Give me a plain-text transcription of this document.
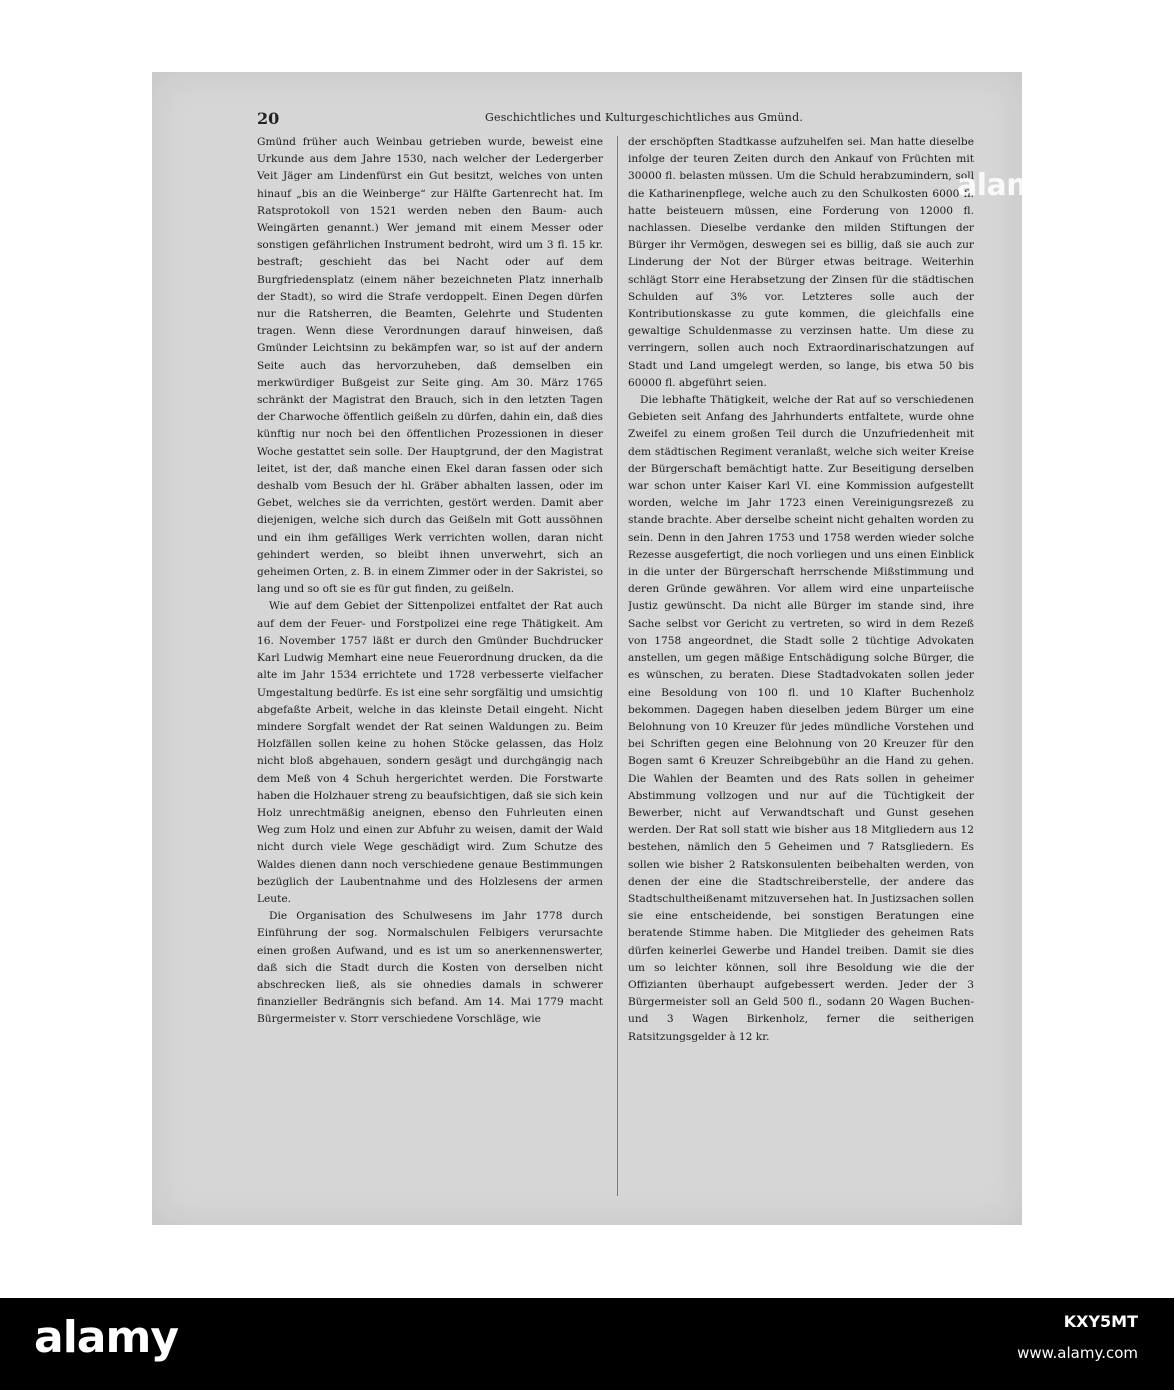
20	Geschichtliches und Kulturgeschichtliches aus Gmünd.

Gmünd früher auch Weinbau getrieben wurde, beweist eine Urkunde aus dem Jahre 1530, nach welcher der Ledergerber Veit Jäger am Lindenfürst ein Gut besitzt, welches von unten hinauf „bis an die Weinberge“ zur Hälfte Gartenrecht hat. Im Ratsprotokoll von 1521 werden neben den Baum- auch Weingärten genannt.) Wer jemand mit einem Messer oder sonstigen gefährlichen Instrument bedroht, wird um 3 fl. 15 kr. bestraft; geschieht das bei Nacht oder auf dem Burgfriedensplatz (einem näher bezeichneten Platz innerhalb der Stadt), so wird die Strafe verdoppelt. Einen Degen dürfen nur die Ratsherren, die Beamten, Gelehrte und Studenten tragen. Wenn diese Verordnungen darauf hinweisen, daß Gmünder Leichtsinn zu bekämpfen war, so ist auf der andern Seite auch das hervorzuheben, daß demselben ein merkwürdiger Bußgeist zur Seite ging. Am 30. März 1765 schränkt der Magistrat den Brauch, sich in den letzten Tagen der Charwoche öffentlich geißeln zu dürfen, dahin ein, daß dies künftig nur noch bei den öffentlichen Prozessionen in dieser Woche gestattet sein solle. Der Hauptgrund, der den Magistrat leitet, ist der, daß manche einen Ekel daran fassen oder sich deshalb vom Besuch der hl. Gräber abhalten lassen, oder im Gebet, welches sie da verrichten, gestört werden. Damit aber diejenigen, welche sich durch das Geißeln mit Gott aussöhnen und ein ihm gefälliges Werk verrichten wollen, daran nicht gehindert werden, so bleibt ihnen unverwehrt, sich an geheimen Orten, z. B. in einem Zimmer oder in der Sakristei, so lang und so oft sie es für gut finden, zu geißeln.

Wie auf dem Gebiet der Sittenpolizei entfaltet der Rat auch auf dem der Feuer- und Forstpolizei eine rege Thätigkeit. Am 16. November 1757 läßt er durch den Gmünder Buchdrucker Karl Ludwig Memhart eine neue Feuerordnung drucken, da die alte im Jahr 1534 errichtete und 1728 verbesserte vielfacher Umgestaltung bedürfe. Es ist eine sehr sorgfältig und umsichtig abgefaßte Arbeit, welche in das kleinste Detail eingeht. Nicht mindere Sorgfalt wendet der Rat seinen Waldungen zu. Beim Holzfällen sollen keine zu hohen Stöcke gelassen, das Holz nicht bloß abgehauen, sondern gesägt und durchgängig nach dem Meß von 4 Schuh hergerichtet werden. Die Forstwarte haben die Holzhauer streng zu beaufsichtigen, daß sie sich kein Holz unrechtmäßig aneignen, ebenso den Fuhrleuten einen Weg zum Holz und einen zur Abfuhr zu weisen, damit der Wald nicht durch viele Wege geschädigt wird. Zum Schutze des Waldes dienen dann noch verschiedene genaue Bestimmungen bezüglich der Laubentnahme und des Holzlesens der armen Leute.

Die Organisation des Schulwesens im Jahr 1778 durch Einführung der sog. Normalschulen Felbigers verursachte einen großen Aufwand, und es ist um so anerkennenswerter, daß sich die Stadt durch die Kosten von derselben nicht abschrecken ließ, als sie ohnedies damals in schwerer finanzieller Bedrängnis sich befand. Am 14. Mai 1779 macht Bürgermeister v. Storr verschiedene Vorschläge, wie

der erschöpften Stadtkasse aufzuhelfen sei. Man hatte dieselbe infolge der teuren Zeiten durch den Ankauf von Früchten mit 30000 fl. belasten müssen. Um die Schuld herabzumindern, soll die Katharinenpflege, welche auch zu den Schulkosten 6000 fl. hatte beisteuern müssen, eine Forderung von 12000 fl. nachlassen. Dieselbe verdanke den milden Stiftungen der Bürger ihr Vermögen, deswegen sei es billig, daß sie auch zur Linderung der Not der Bürger etwas beitrage. Weiterhin schlägt Storr eine Herabsetzung der Zinsen für die städtischen Schulden auf 3% vor. Letzteres solle auch der Kontributionskasse zu gute kommen, die gleichfalls eine gewaltige Schuldenmasse zu verzinsen hatte. Um diese zu verringern, sollen auch noch Extraordinarischatzungen auf Stadt und Land umgelegt werden, so lange, bis etwa 50 bis 60000 fl. abgeführt seien.

Die lebhafte Thätigkeit, welche der Rat auf so verschiedenen Gebieten seit Anfang des Jahrhunderts entfaltete, wurde ohne Zweifel zu einem großen Teil durch die Unzufriedenheit mit dem städtischen Regiment veranlaßt, welche sich weiter Kreise der Bürgerschaft bemächtigt hatte. Zur Beseitigung derselben war schon unter Kaiser Karl VI. eine Kommission aufgestellt worden, welche im Jahr 1723 einen Vereinigungsrezeß zu stande brachte. Aber derselbe scheint nicht gehalten worden zu sein. Denn in den Jahren 1753 und 1758 werden wieder solche Rezesse ausgefertigt, die noch vorliegen und uns einen Einblick in die unter der Bürgerschaft herrschende Mißstimmung und deren Gründe gewähren. Vor allem wird eine unparteiische Justiz gewünscht. Da nicht alle Bürger im stande sind, ihre Sache selbst vor Gericht zu vertreten, so wird in dem Rezeß von 1758 angeordnet, die Stadt solle 2 tüchtige Advokaten anstellen, um gegen mäßige Entschädigung solche Bürger, die es wünschen, zu beraten. Diese Stadtadvokaten sollen jeder eine Besoldung von 100 fl. und 10 Klafter Buchenholz bekommen. Dagegen haben dieselben jedem Bürger um eine Belohnung von 10 Kreuzer für jedes mündliche Vorstehen und bei Schriften gegen eine Belohnung von 20 Kreuzer für den Bogen samt 6 Kreuzer Schreibgebühr an die Hand zu gehen. Die Wahlen der Beamten und des Rats sollen in geheimer Abstimmung vollzogen und nur auf die Tüchtigkeit der Bewerber, nicht auf Verwandtschaft und Gunst gesehen werden. Der Rat soll statt wie bisher aus 18 Mitgliedern aus 12 bestehen, nämlich den 5 Geheimen und 7 Ratsgliedern. Es sollen wie bisher 2 Ratskonsulenten beibehalten werden, von denen der eine die Stadtschreiberstelle, der andere das Stadtschultheißenamt mitzuversehen hat. In Justizsachen sollen sie eine entscheidende, bei sonstigen Beratungen eine beratende Stimme haben. Die Mitglieder des geheimen Rats dürfen keinerlei Gewerbe und Handel treiben. Damit sie dies um so leichter können, soll ihre Besoldung wie die der Offizianten überhaupt aufgebessert werden. Jeder der 3 Bürgermeister soll an Geld 500 fl., sodann 20 Wagen Buchen- und 3 Wagen Birkenholz, ferner die seitherigen Ratsitzungsgelder à 12 kr.

alamy
alamy	KXY5MT
www.alamy.com
